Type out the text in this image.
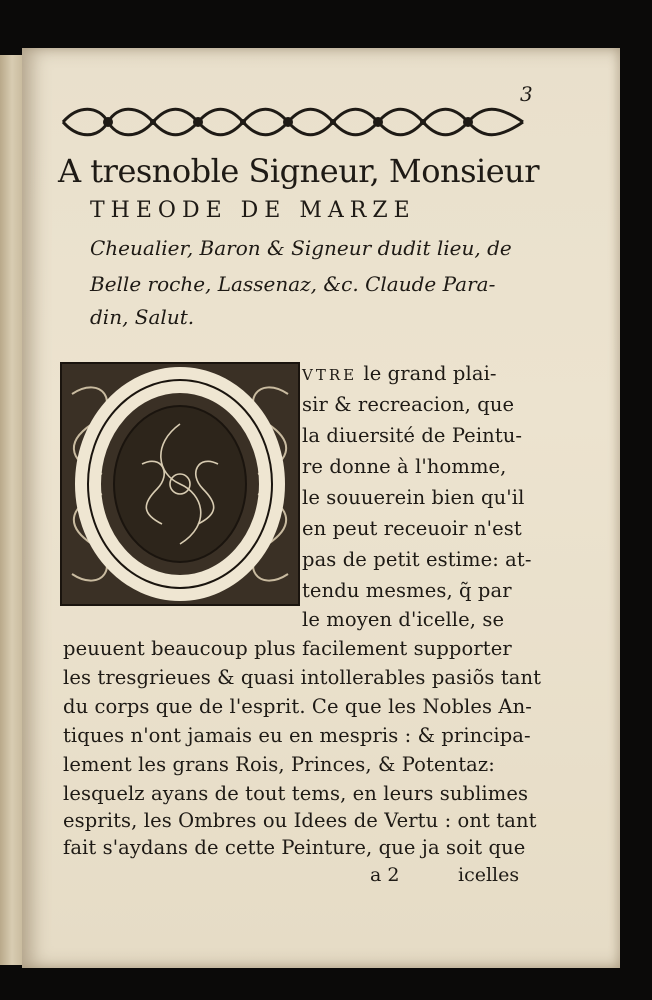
3
A tresnoble Signeur, Monsieur
THEODE DE MARZE
Cheualier, Baron & Signeur dudit lieu, de
Belle roche, Lassenaz, &c. Claude Para-
din, Salut.
VTRE le grand plai-
sir & recreacion, que
la diuersité de Peintu-
re donne à l'homme,
le souuerein bien qu'il
en peut receuoir n'est
pas de petit estime: at-
tendu mesmes, q̃ par
le moyen d'icelle, se
peuuent beaucoup plus facilement supporter
les tresgrieues & quasi intollerables pasiõs tant
du corps que de l'esprit. Ce que les Nobles An-
tiques n'ont jamais eu en mespris : & principa-
lement les grans Rois, Princes, & Potentaz:
lesquelz ayans de tout tems, en leurs sublimes
esprits, les Ombres ou Idees de Vertu : ont tant
fait s'aydans de cette Peinture, que ja soit que
a 2	icelles
